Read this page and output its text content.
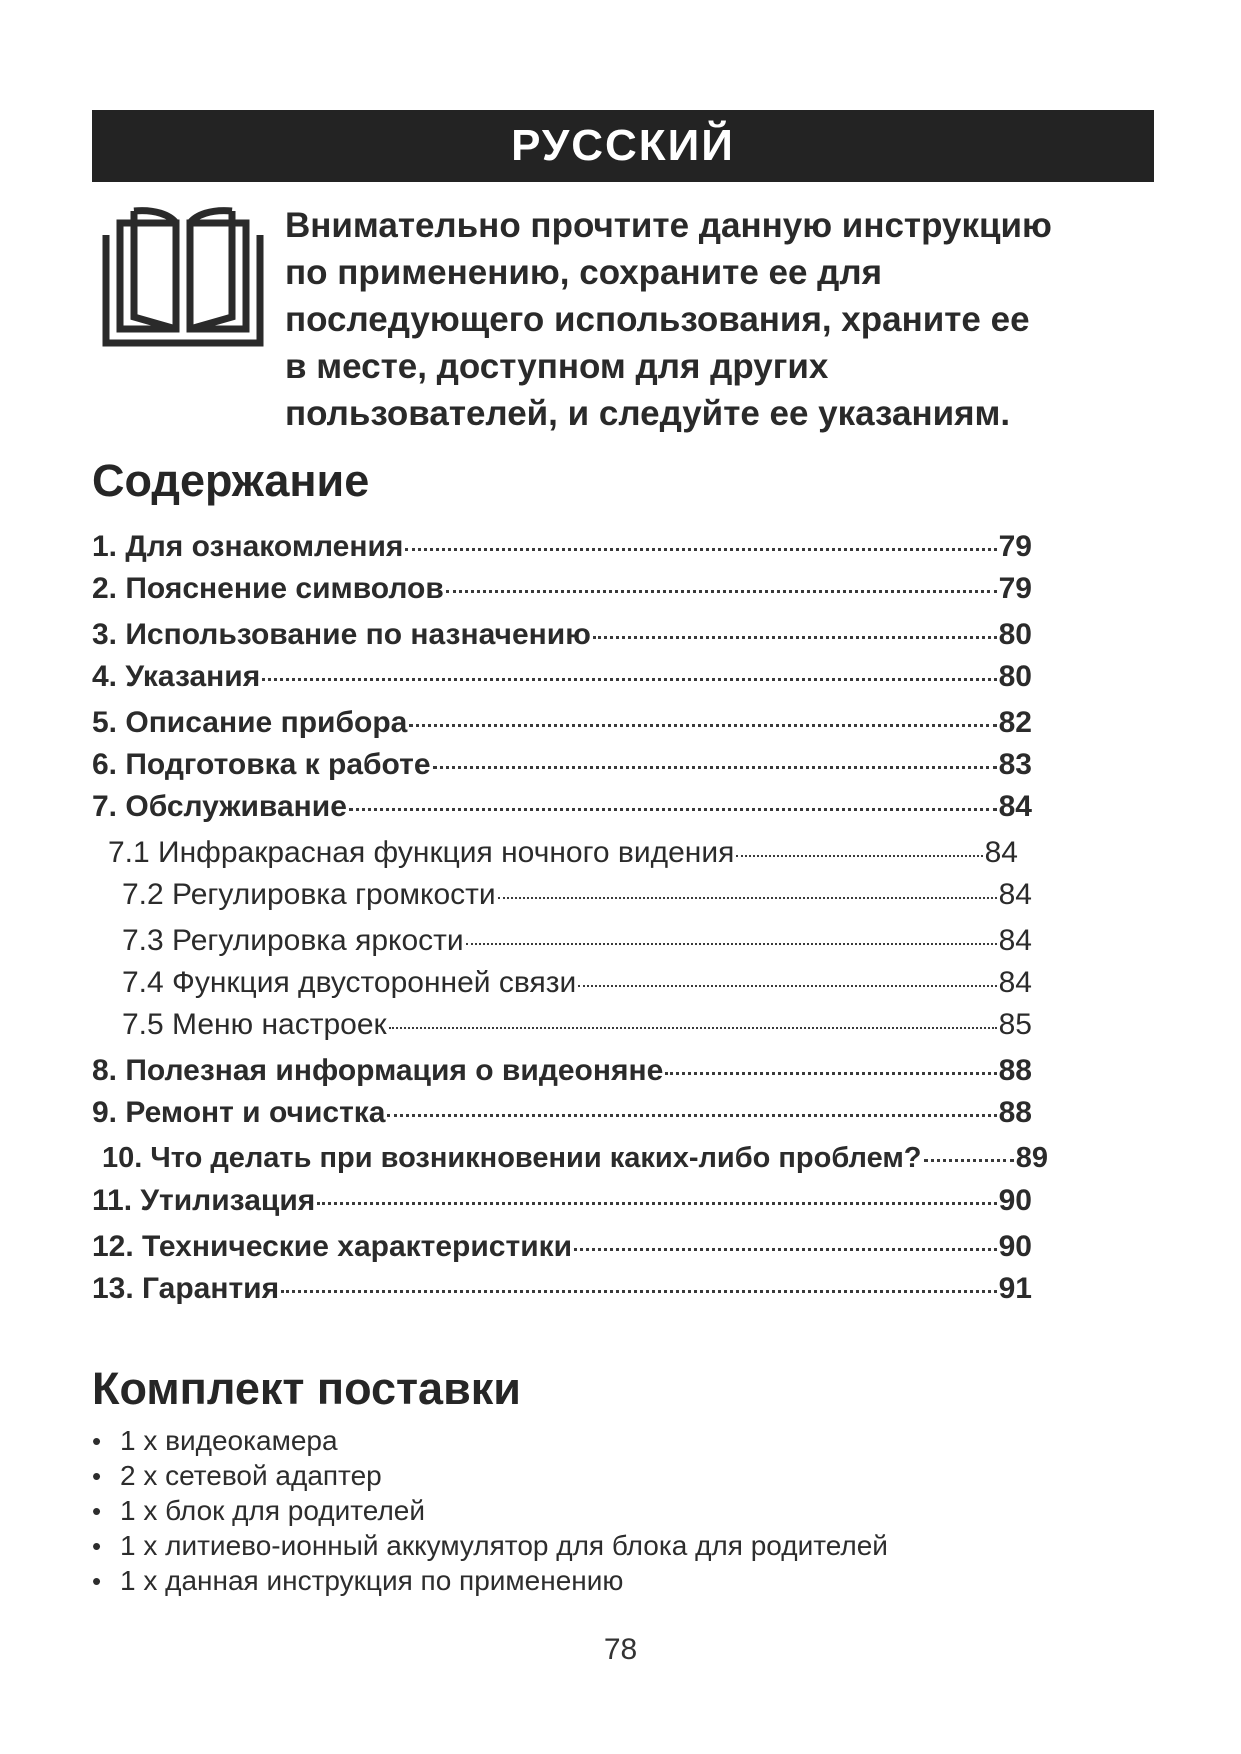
РУССКИЙ
Внимательно прочтите данную инструкцию
по применению, сохраните ее для
последующего использования, храните ее
в месте, доступном для других
пользователей, и следуйте ее указаниям.
Содержание
1. Для ознакомления	79
2. Пояснение символов	79
3. Использование по назначению	80
4. Указания	80
5. Описание прибора	82
6. Подготовка к работе	83
7. Обслуживание	84
7.1 Инфракрасная функция ночного видения	84
7.2 Регулировка громкости	84
7.3 Регулировка яркости	84
7.4 Функция двусторонней связи	84
7.5 Меню настроек	85
8. Полезная информация о видеоняне	88
9. Ремонт и очистка	88
10. Что делать при возникновении каких-либо проблем?	89
11. Утилизация	90
12. Технические характеристики	90
13. Гарантия	91
Комплект поставки
• 1 х видеокамера
• 2 х сетевой адаптер
• 1 х блок для родителей
• 1 х литиево-ионный аккумулятор для блока для родителей
• 1 х данная инструкция по применению
78
